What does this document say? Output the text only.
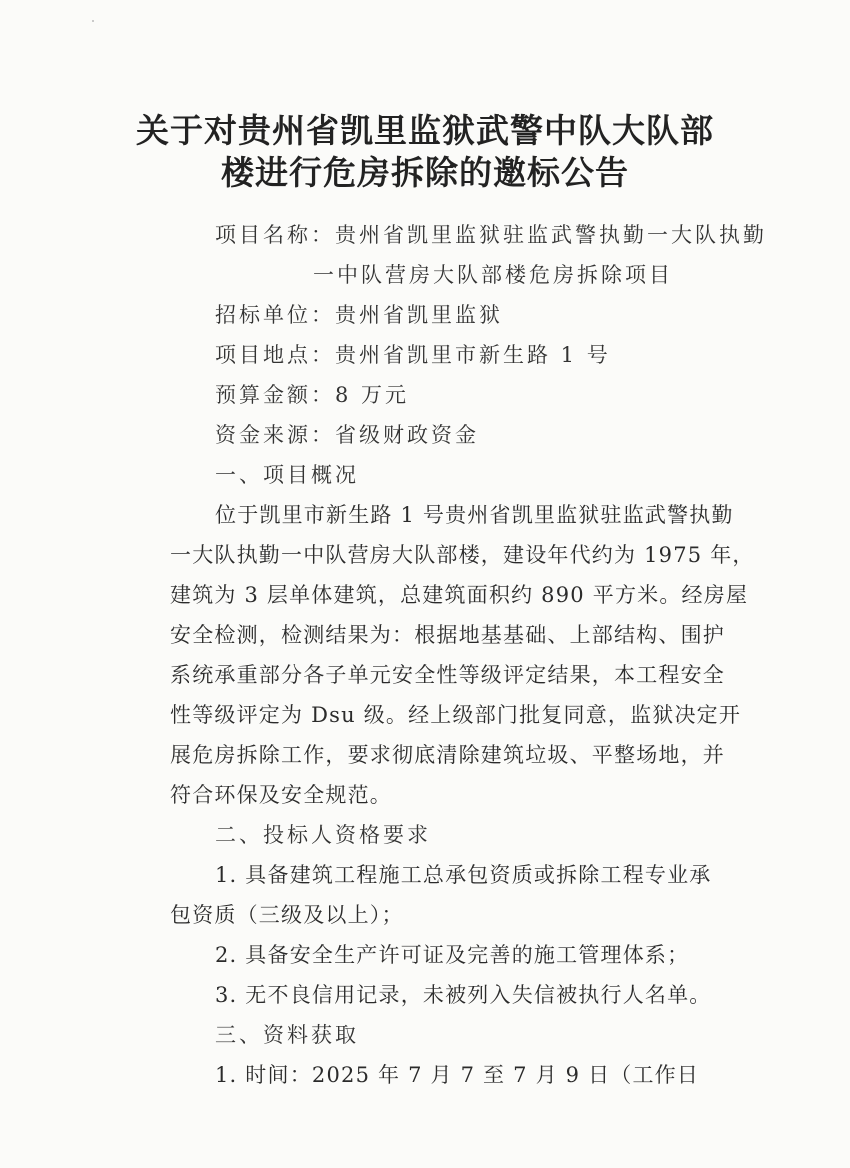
关于对贵州省凯里监狱武警中队大队部
楼进行危房拆除的邀标公告
项目名称：贵州省凯里监狱驻监武警执勤一大队执勤
一中队营房大队部楼危房拆除项目
招标单位：贵州省凯里监狱
项目地点：贵州省凯里市新生路 1 号
预算金额：8 万元
资金来源：省级财政资金
一、项目概况
位于凯里市新生路 1 号贵州省凯里监狱驻监武警执勤
一大队执勤一中队营房大队部楼，建设年代约为 1975 年，
建筑为 3 层单体建筑，总建筑面积约 890 平方米。经房屋
安全检测，检测结果为：根据地基基础、上部结构、围护
系统承重部分各子单元安全性等级评定结果，本工程安全
性等级评定为 Dsu 级。经上级部门批复同意，监狱决定开
展危房拆除工作，要求彻底清除建筑垃圾、平整场地，并
符合环保及安全规范。
二、投标人资格要求
1. 具备建筑工程施工总承包资质或拆除工程专业承
包资质（三级及以上）；
2. 具备安全生产许可证及完善的施工管理体系；
3. 无不良信用记录，未被列入失信被执行人名单。
三、资料获取
1. 时间：2025 年 7 月 7 至 7 月 9 日（工作日
